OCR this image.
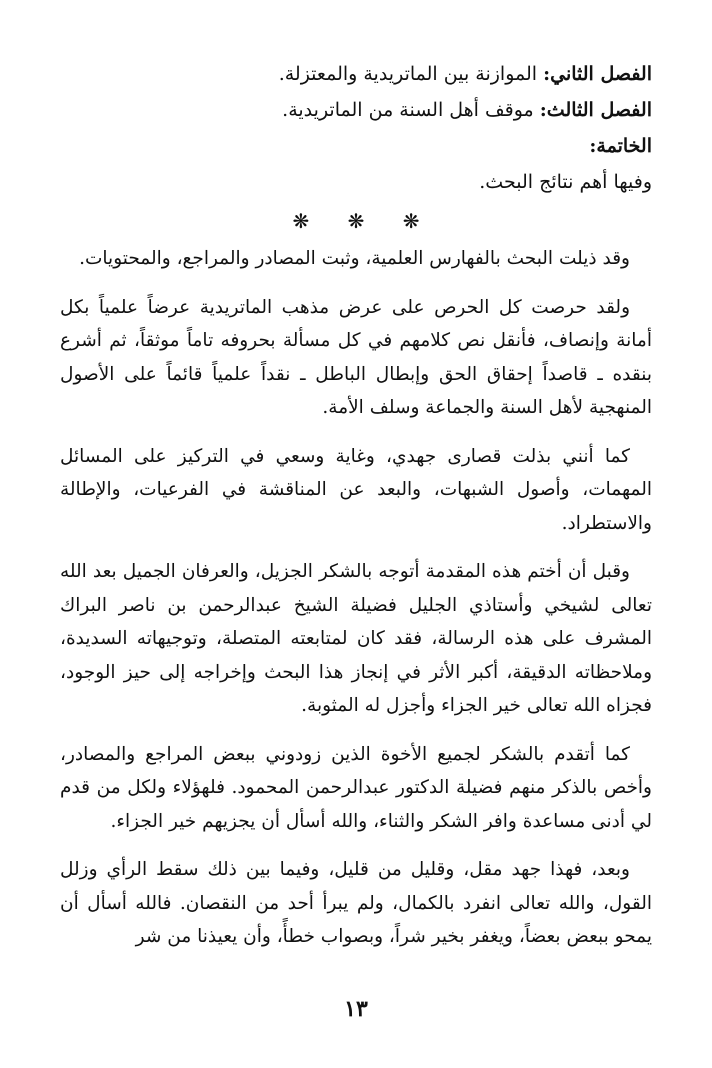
الفصل الثاني: الموازنة بين الماتريدية والمعتزلة.
الفصل الثالث: موقف أهل السنة من الماتريدية.
الخاتمة:
وفيها أهم نتائج البحث.
❋ ❋ ❋

وقد ذيلت البحث بالفهارس العلمية، وثبت المصادر والمراجع، والمحتويات.

ولقد حرصت كل الحرص على عرض مذهب الماتريدية عرضاً علمياً بكل أمانة وإنصاف، فأنقل نص كلامهم في كل مسألة بحروفه تاماً موثقاً، ثم أشرع بنقده ـ قاصداً إحقاق الحق وإبطال الباطل ـ نقداً علمياً قائماً على الأصول المنهجية لأهل السنة والجماعة وسلف الأمة.

كما أنني بذلت قصارى جهدي، وغاية وسعي في التركيز على المسائل المهمات، وأصول الشبهات، والبعد عن المناقشة في الفرعيات، والإطالة والاستطراد.

وقبل أن أختم هذه المقدمة أتوجه بالشكر الجزيل، والعرفان الجميل بعد الله تعالى لشيخي وأستاذي الجليل فضيلة الشيخ عبدالرحمن بن ناصر البراك المشرف على هذه الرسالة، فقد كان لمتابعته المتصلة، وتوجيهاته السديدة، وملاحظاته الدقيقة، أكبر الأثر في إنجاز هذا البحث وإخراجه إلى حيز الوجود، فجزاه الله تعالى خير الجزاء وأجزل له المثوبة.

كما أتقدم بالشكر لجميع الأخوة الذين زودوني ببعض المراجع والمصادر، وأخص بالذكر منهم فضيلة الدكتور عبدالرحمن المحمود. فلهؤلاء ولكل من قدم لي أدنى مساعدة وافر الشكر والثناء، والله أسأل أن يجزيهم خير الجزاء.

وبعد، فهذا جهد مقل، وقليل من قليل، وفيما بين ذلك سقط الرأي وزلل القول، والله تعالى انفرد بالكمال، ولم يبرأ أحد من النقصان. فالله أسأل أن يمحو ببعض بعضاً، ويغفر بخير شراً، وبصواب خطأً، وأن يعيذنا من شر

١٣
